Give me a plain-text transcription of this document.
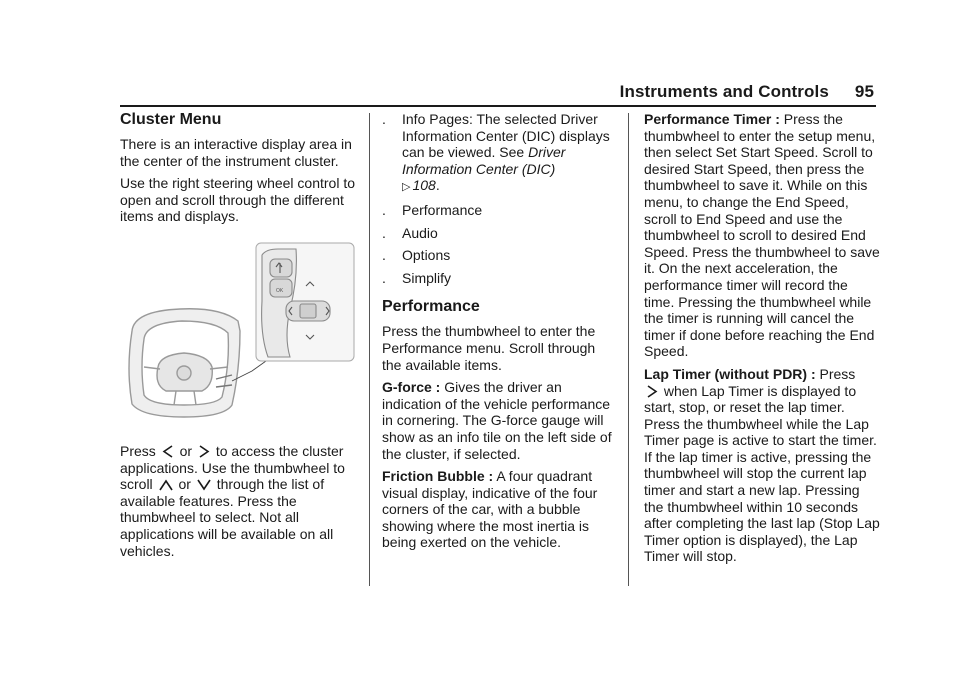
Instruments and Controls 95
Cluster Menu

There is an interactive display area in the center of the instrument cluster.

Use the right steering wheel control to open and scroll through the different items and displays.

OK

Press or to access the cluster applications. Use the thumbwheel to scroll or through the list of available features. Press the thumbwheel to select. Not all applications will be available on all vehicles.

.	Info Pages: The selected Driver Information Center (DIC) displays can be viewed. See Driver Information Center (DIC)
▷ 108.
.	Performance
.	Audio
.	Options
.	Simplify
Performance

Press the thumbwheel to enter the Performance menu. Scroll through the available items.

G-force : Gives the driver an indication of the vehicle performance in cornering. The G-force gauge will show as an info tile on the left side of the cluster, if selected.

Friction Bubble : A four quadrant visual display, indicative of the four corners of the car, with a bubble showing where the most inertia is being exerted on the vehicle.

Performance Timer : Press the thumbwheel to enter the setup menu, then select Set Start Speed. Scroll to desired Start Speed, then press the thumbwheel to save it. While on this menu, to change the End Speed, scroll to End Speed and use the thumbwheel to scroll to desired End Speed. Press the thumbwheel to save it. On the next acceleration, the performance timer will record the time. Pressing the thumbwheel while the timer is running will cancel the timer if done before reaching the End Speed.

Lap Timer (without PDR) : Press
when Lap Timer is displayed to start, stop, or reset the lap timer. Press the thumbwheel while the Lap Timer page is active to start the timer. If the lap timer is active, pressing the thumbwheel will stop the current lap timer and start a new lap. Pressing the thumbwheel within 10 seconds after completing the last lap (Stop Lap Timer option is displayed), the Lap Timer will stop.
